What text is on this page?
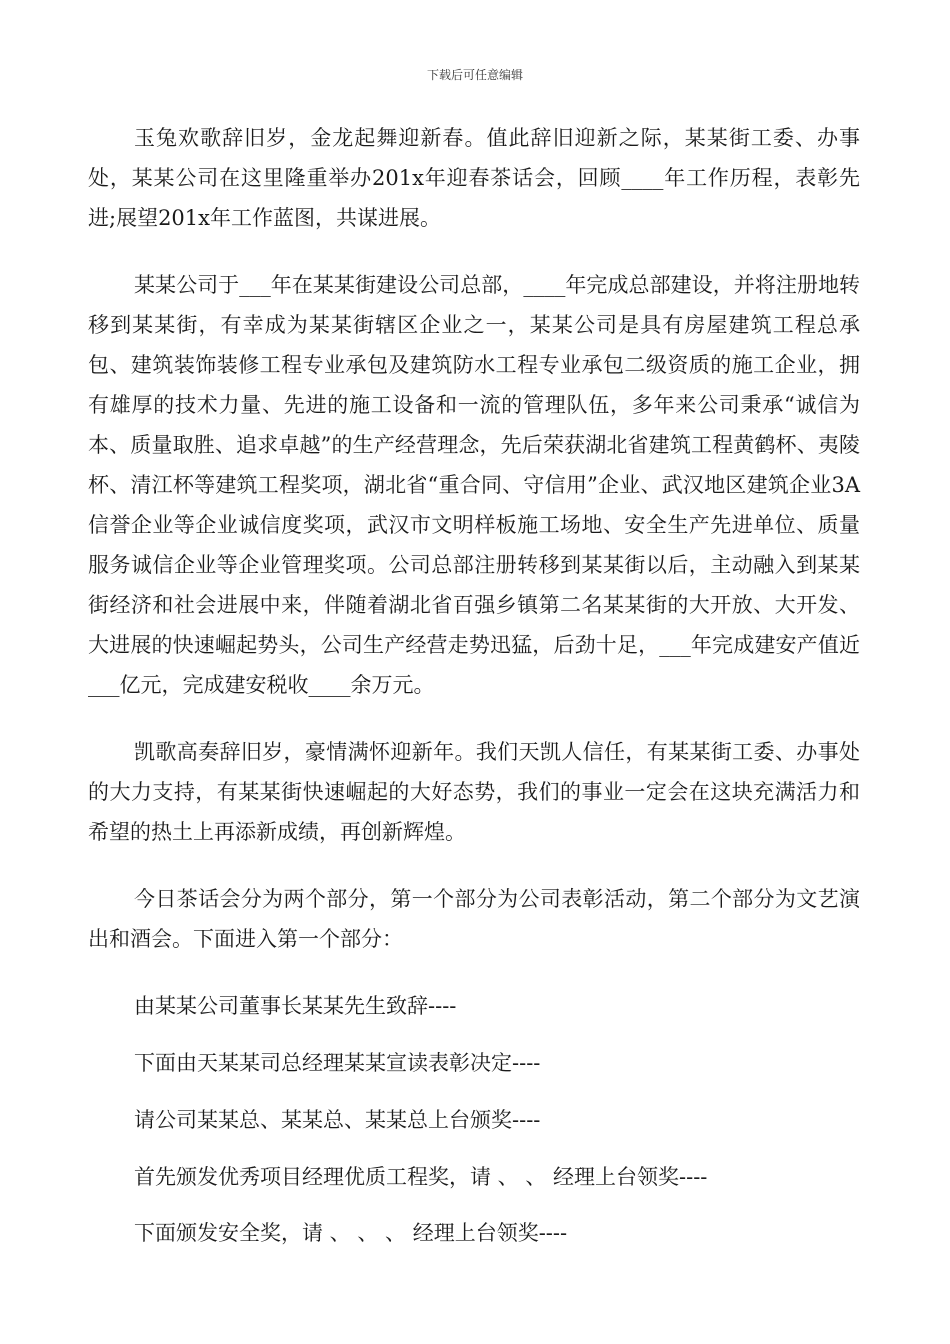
下载后可任意编辑

玉兔欢歌辞旧岁，金龙起舞迎新春。值此辞旧迎新之际，某某街工委、办事处，某某公司在这里隆重举办201x年迎春茶话会，回顾____年工作历程，表彰先进;展望201x年工作蓝图，共谋进展。

某某公司于___年在某某街建设公司总部，____年完成总部建设，并将注册地转移到某某街，有幸成为某某街辖区企业之一，某某公司是具有房屋建筑工程总承包、建筑装饰装修工程专业承包及建筑防水工程专业承包二级资质的施工企业，拥有雄厚的技术力量、先进的施工设备和一流的管理队伍，多年来公司秉承“诚信为本、质量取胜、追求卓越”的生产经营理念，先后荣获湖北省建筑工程黄鹤杯、夷陵杯、清江杯等建筑工程奖项，湖北省“重合同、守信用”企业、武汉地区建筑企业3A信誉企业等企业诚信度奖项，武汉市文明样板施工场地、安全生产先进单位、质量服务诚信企业等企业管理奖项。公司总部注册转移到某某街以后，主动融入到某某街经济和社会进展中来，伴随着湖北省百强乡镇第二名某某街的大开放、大开发、大进展的快速崛起势头，公司生产经营走势迅猛，后劲十足，___年完成建安产值近___亿元，完成建安税收____余万元。

凯歌高奏辞旧岁，豪情满怀迎新年。我们天凯人信任，有某某街工委、办事处的大力支持，有某某街快速崛起的大好态势，我们的事业一定会在这块充满活力和希望的热土上再添新成绩，再创新辉煌。

今日茶话会分为两个部分，第一个部分为公司表彰活动，第二个部分为文艺演出和酒会。下面进入第一个部分：

由某某公司董事长某某先生致辞----
下面由天某某司总经理某某宣读表彰决定----
请公司某某总、某某总、某某总上台颁奖----
首先颁发优秀项目经理优质工程奖，请 、 、 经理上台领奖----
下面颁发安全奖，请 、 、 、 经理上台领奖----
